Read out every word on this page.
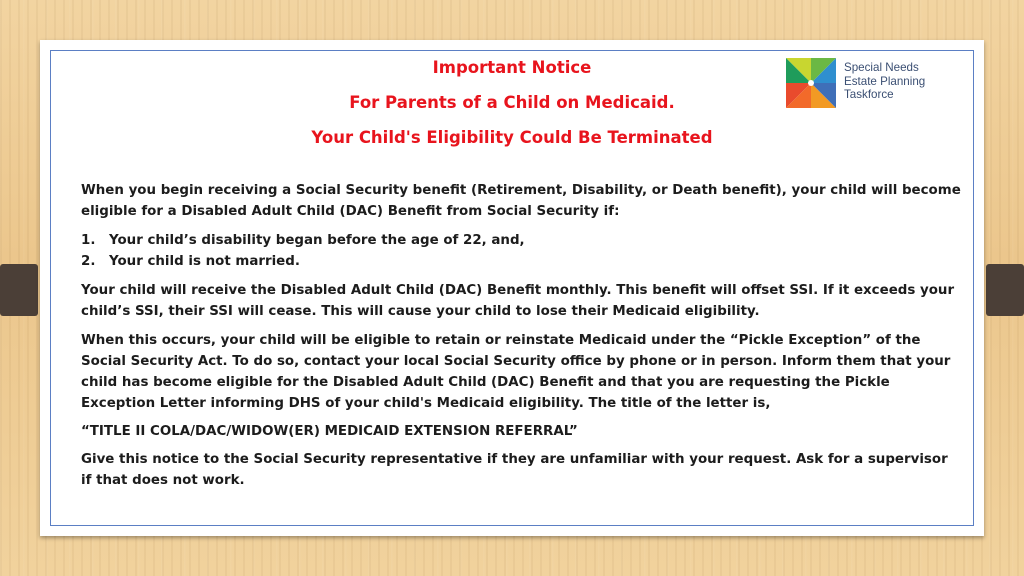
Important Notice
For Parents of a Child on Medicaid.
Your Child's Eligibility Could Be Terminated
Special Needs
Estate Planning
Taskforce

When you begin receiving a Social Security benefit (Retirement, Disability, or Death benefit), your child will become eligible for a Disabled Adult Child (DAC) Benefit from Social Security if:

1.	Your child’s disability began before the age of 22, and,
2.	Your child is not married.

Your child will receive the Disabled Adult Child (DAC) Benefit monthly. This benefit will offset SSI. If it exceeds your child’s SSI, their SSI will cease. This will cause your child to lose their Medicaid eligibility.

When this occurs, your child will be eligible to retain or reinstate Medicaid under the “Pickle Exception” of the Social Security Act. To do so, contact your local Social Security office by phone or in person. Inform them that your child has become eligible for the Disabled Adult Child (DAC) Benefit and that you are requesting the Pickle Exception Letter informing DHS of your child's Medicaid eligibility. The title of the letter is,

“TITLE II COLA/DAC/WIDOW(ER) MEDICAID EXTENSION REFERRAL”

Give this notice to the Social Security representative if they are unfamiliar with your request. Ask for a supervisor if that does not work.
